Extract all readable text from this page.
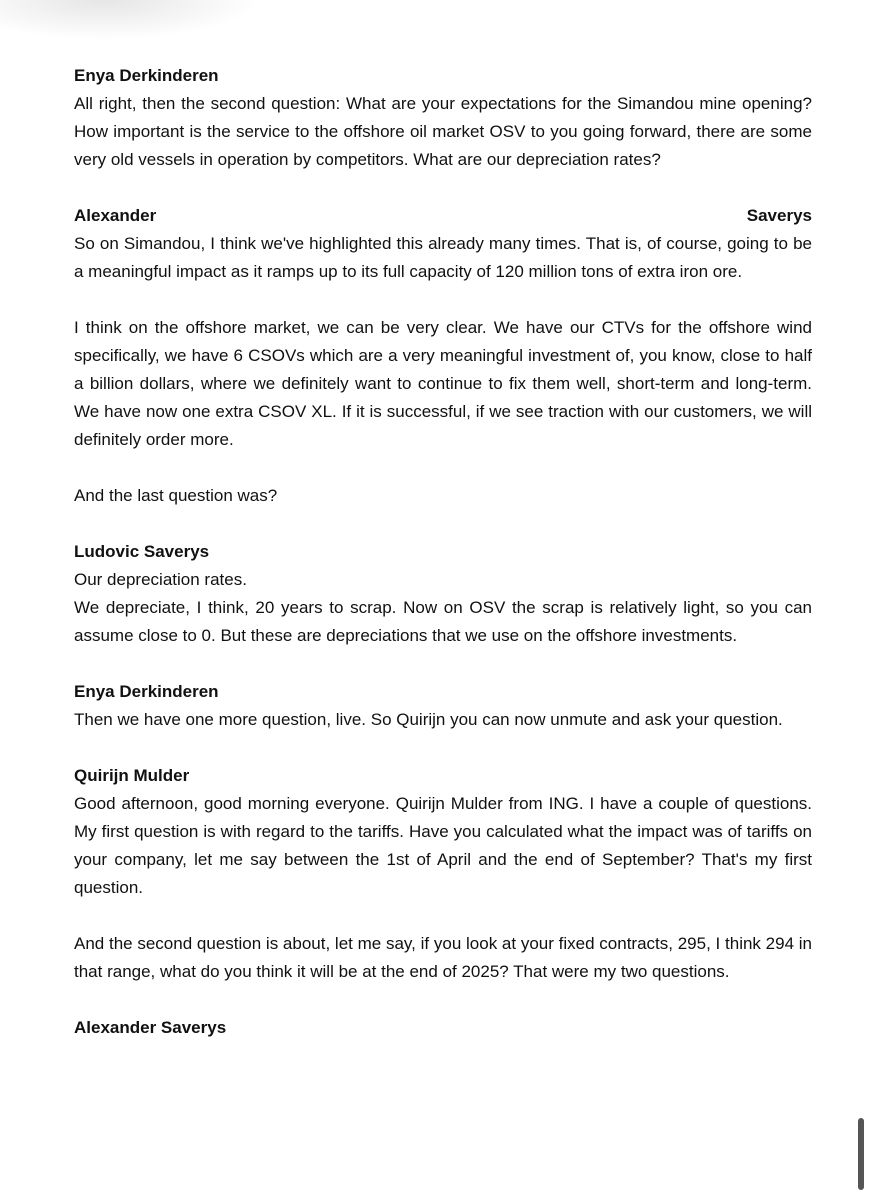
Enya Derkinderen

All right, then the second question: What are your expectations for the Simandou mine opening? How important is the service to the offshore oil market OSV to you going forward, there are some very old vessels in operation by competitors. What are our depreciation rates?

Alexander	Saverys

So on Simandou, I think we've highlighted this already many times. That is, of course, going to be a meaningful impact as it ramps up to its full capacity of 120 million tons of extra iron ore.

I think on the offshore market, we can be very clear. We have our CTVs for the offshore wind specifically, we have 6 CSOVs which are a very meaningful investment of, you know, close to half a billion dollars, where we definitely want to continue to fix them well, short-term and long-term. We have now one extra CSOV XL. If it is successful, if we see traction with our customers, we will definitely order more.

And the last question was?

Ludovic Saverys

Our depreciation rates.

We depreciate, I think, 20 years to scrap. Now on OSV the scrap is relatively light, so you can assume close to 0. But these are depreciations that we use on the offshore investments.

Enya Derkinderen

Then we have one more question, live. So Quirijn you can now unmute and ask your question.

Quirijn Mulder

Good afternoon, good morning everyone. Quirijn Mulder from ING. I have a couple of questions. My first question is with regard to the tariffs. Have you calculated what the impact was of tariffs on your company, let me say between the 1st of April and the end of September? That's my first question.

And the second question is about, let me say, if you look at your fixed contracts, 295, I think 294 in that range, what do you think it will be at the end of 2025? That were my two questions.

Alexander Saverys
